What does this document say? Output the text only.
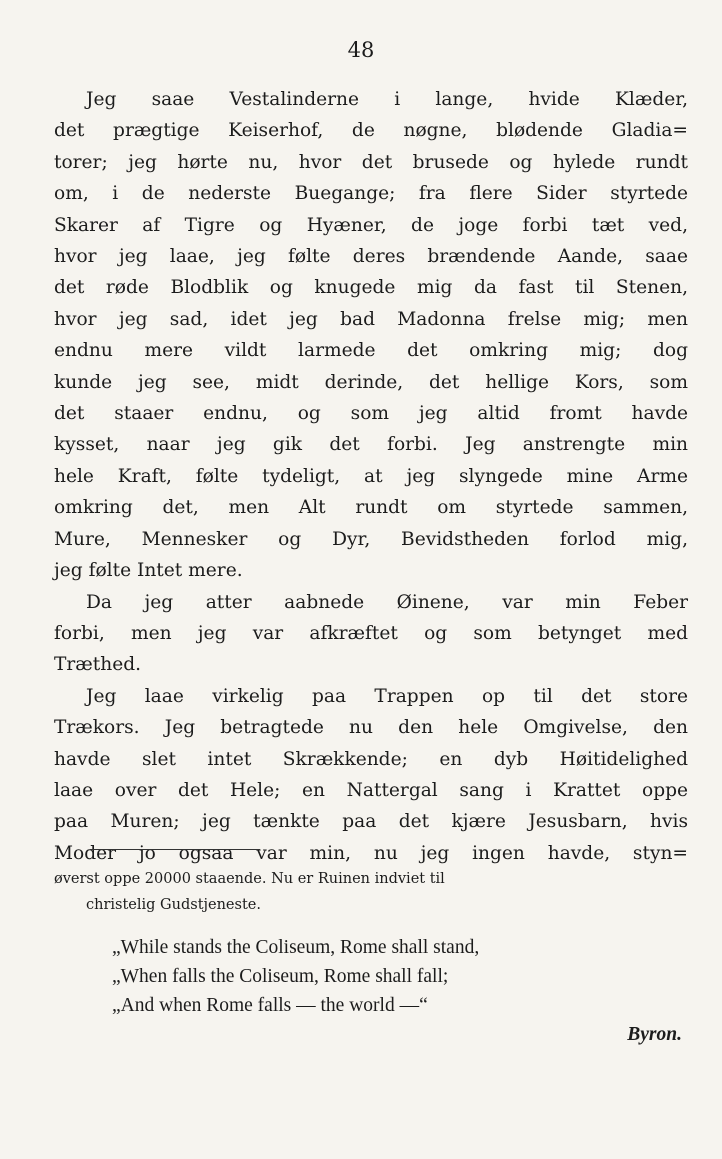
48
Jeg saae Vestalinderne i lange, hvide Klæder,
det prægtige Keiserhof, de nøgne, blødende Gladia=
torer; jeg hørte nu, hvor det brusede og hylede rundt
om, i de nederste Buegange; fra flere Sider styrtede
Skarer af Tigre og Hyæner, de joge forbi tæt ved,
hvor jeg laae, jeg følte deres brændende Aande, saae
det røde Blodblik og knugede mig da fast til Stenen,
hvor jeg sad, idet jeg bad Madonna frelse mig; men
endnu mere vildt larmede det omkring mig; dog
kunde jeg see, midt derinde, det hellige Kors, som
det staaer endnu, og som jeg altid fromt havde
kysset, naar jeg gik det forbi. Jeg anstrengte min
hele Kraft, følte tydeligt, at jeg slyngede mine Arme
omkring det, men Alt rundt om styrtede sammen,
Mure, Mennesker og Dyr, Bevidstheden forlod mig,
jeg følte Intet mere.
Da jeg atter aabnede Øinene, var min Feber
forbi, men jeg var afkræftet og som betynget med
Træthed.
Jeg laae virkelig paa Trappen op til det store
Trækors. Jeg betragtede nu den hele Omgivelse, den
havde slet intet Skrækkende; en dyb Høitidelighed
laae over det Hele; en Nattergal sang i Krattet oppe
paa Muren; jeg tænkte paa det kjære Jesusbarn, hvis
Moder jo ogsaa var min, nu jeg ingen havde, styn=
øverst oppe 20000 staaende. Nu er Ruinen indviet til
christelig Gudstjeneste.
„While stands the Coliseum, Rome shall stand,
„When falls the Coliseum, Rome shall fall;
„And when Rome falls — the world —“
Byron.
